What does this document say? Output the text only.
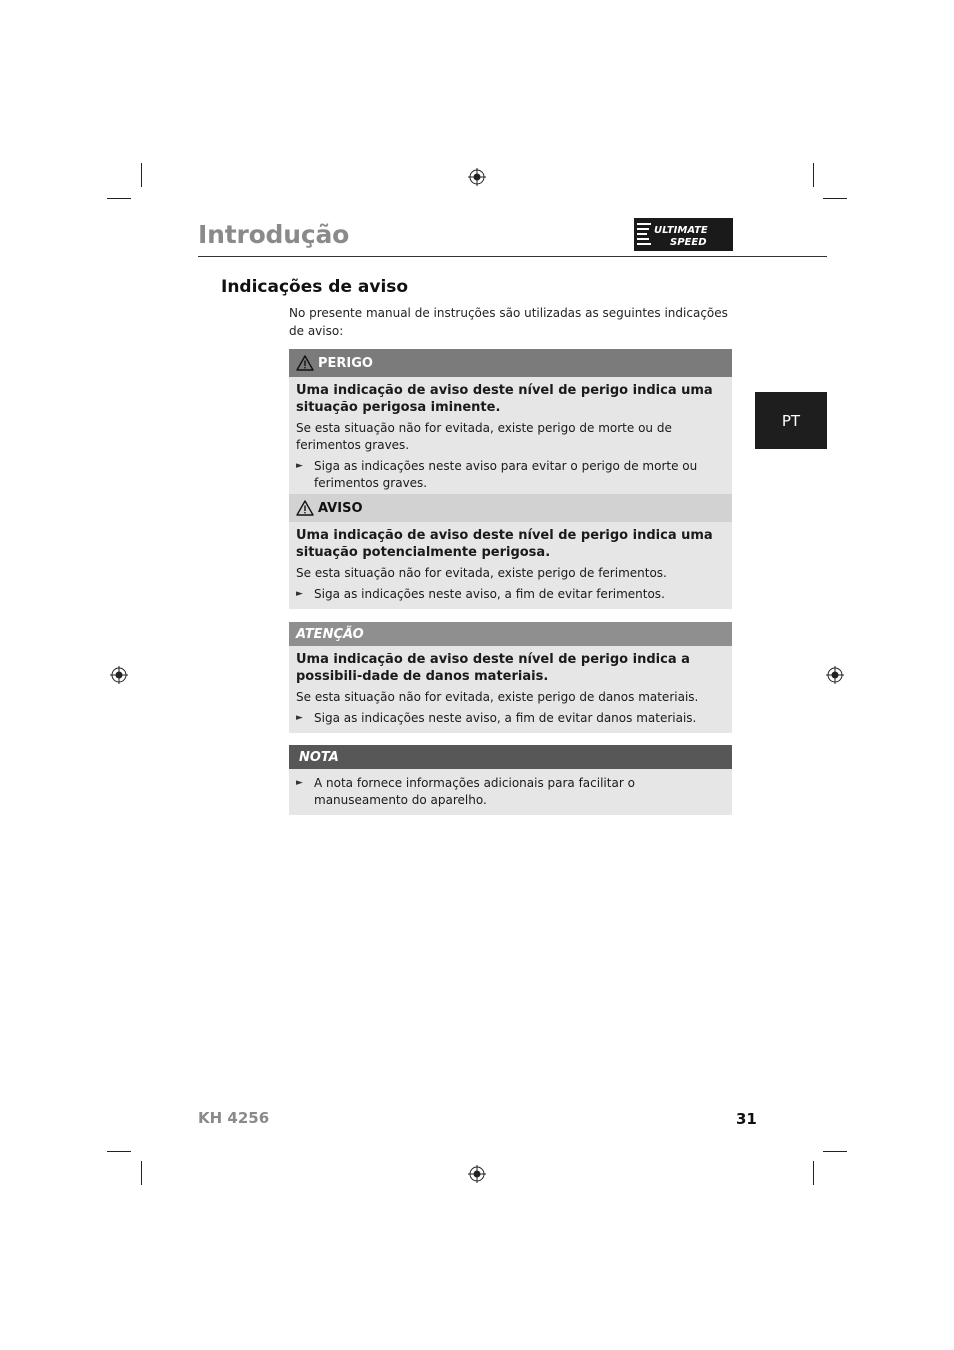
Introdução	ULTIMATE
SPEED
Indicações de aviso
No presente manual de instruções são utilizadas as seguintes indicações de aviso:
PT
PERIGO
Uma indicação de aviso deste nível de perigo indica uma situação perigosa iminente.
Se esta situação não for evitada, existe perigo de morte ou de ferimentos graves.
► Siga as indicações neste aviso para evitar o perigo de morte ou ferimentos graves.
AVISO
Uma indicação de aviso deste nível de perigo indica uma situação potencialmente perigosa.
Se esta situação não for evitada, existe perigo de ferimentos.
► Siga as indicações neste aviso, a fim de evitar ferimentos.
ATENÇÃO
Uma indicação de aviso deste nível de perigo indica a possibili-dade de danos materiais.
Se esta situação não for evitada, existe perigo de danos materiais.
► Siga as indicações neste aviso, a fim de evitar danos materiais.
NOTA
► A nota fornece informações adicionais para facilitar o manuseamento do aparelho.
KH 4256	31
